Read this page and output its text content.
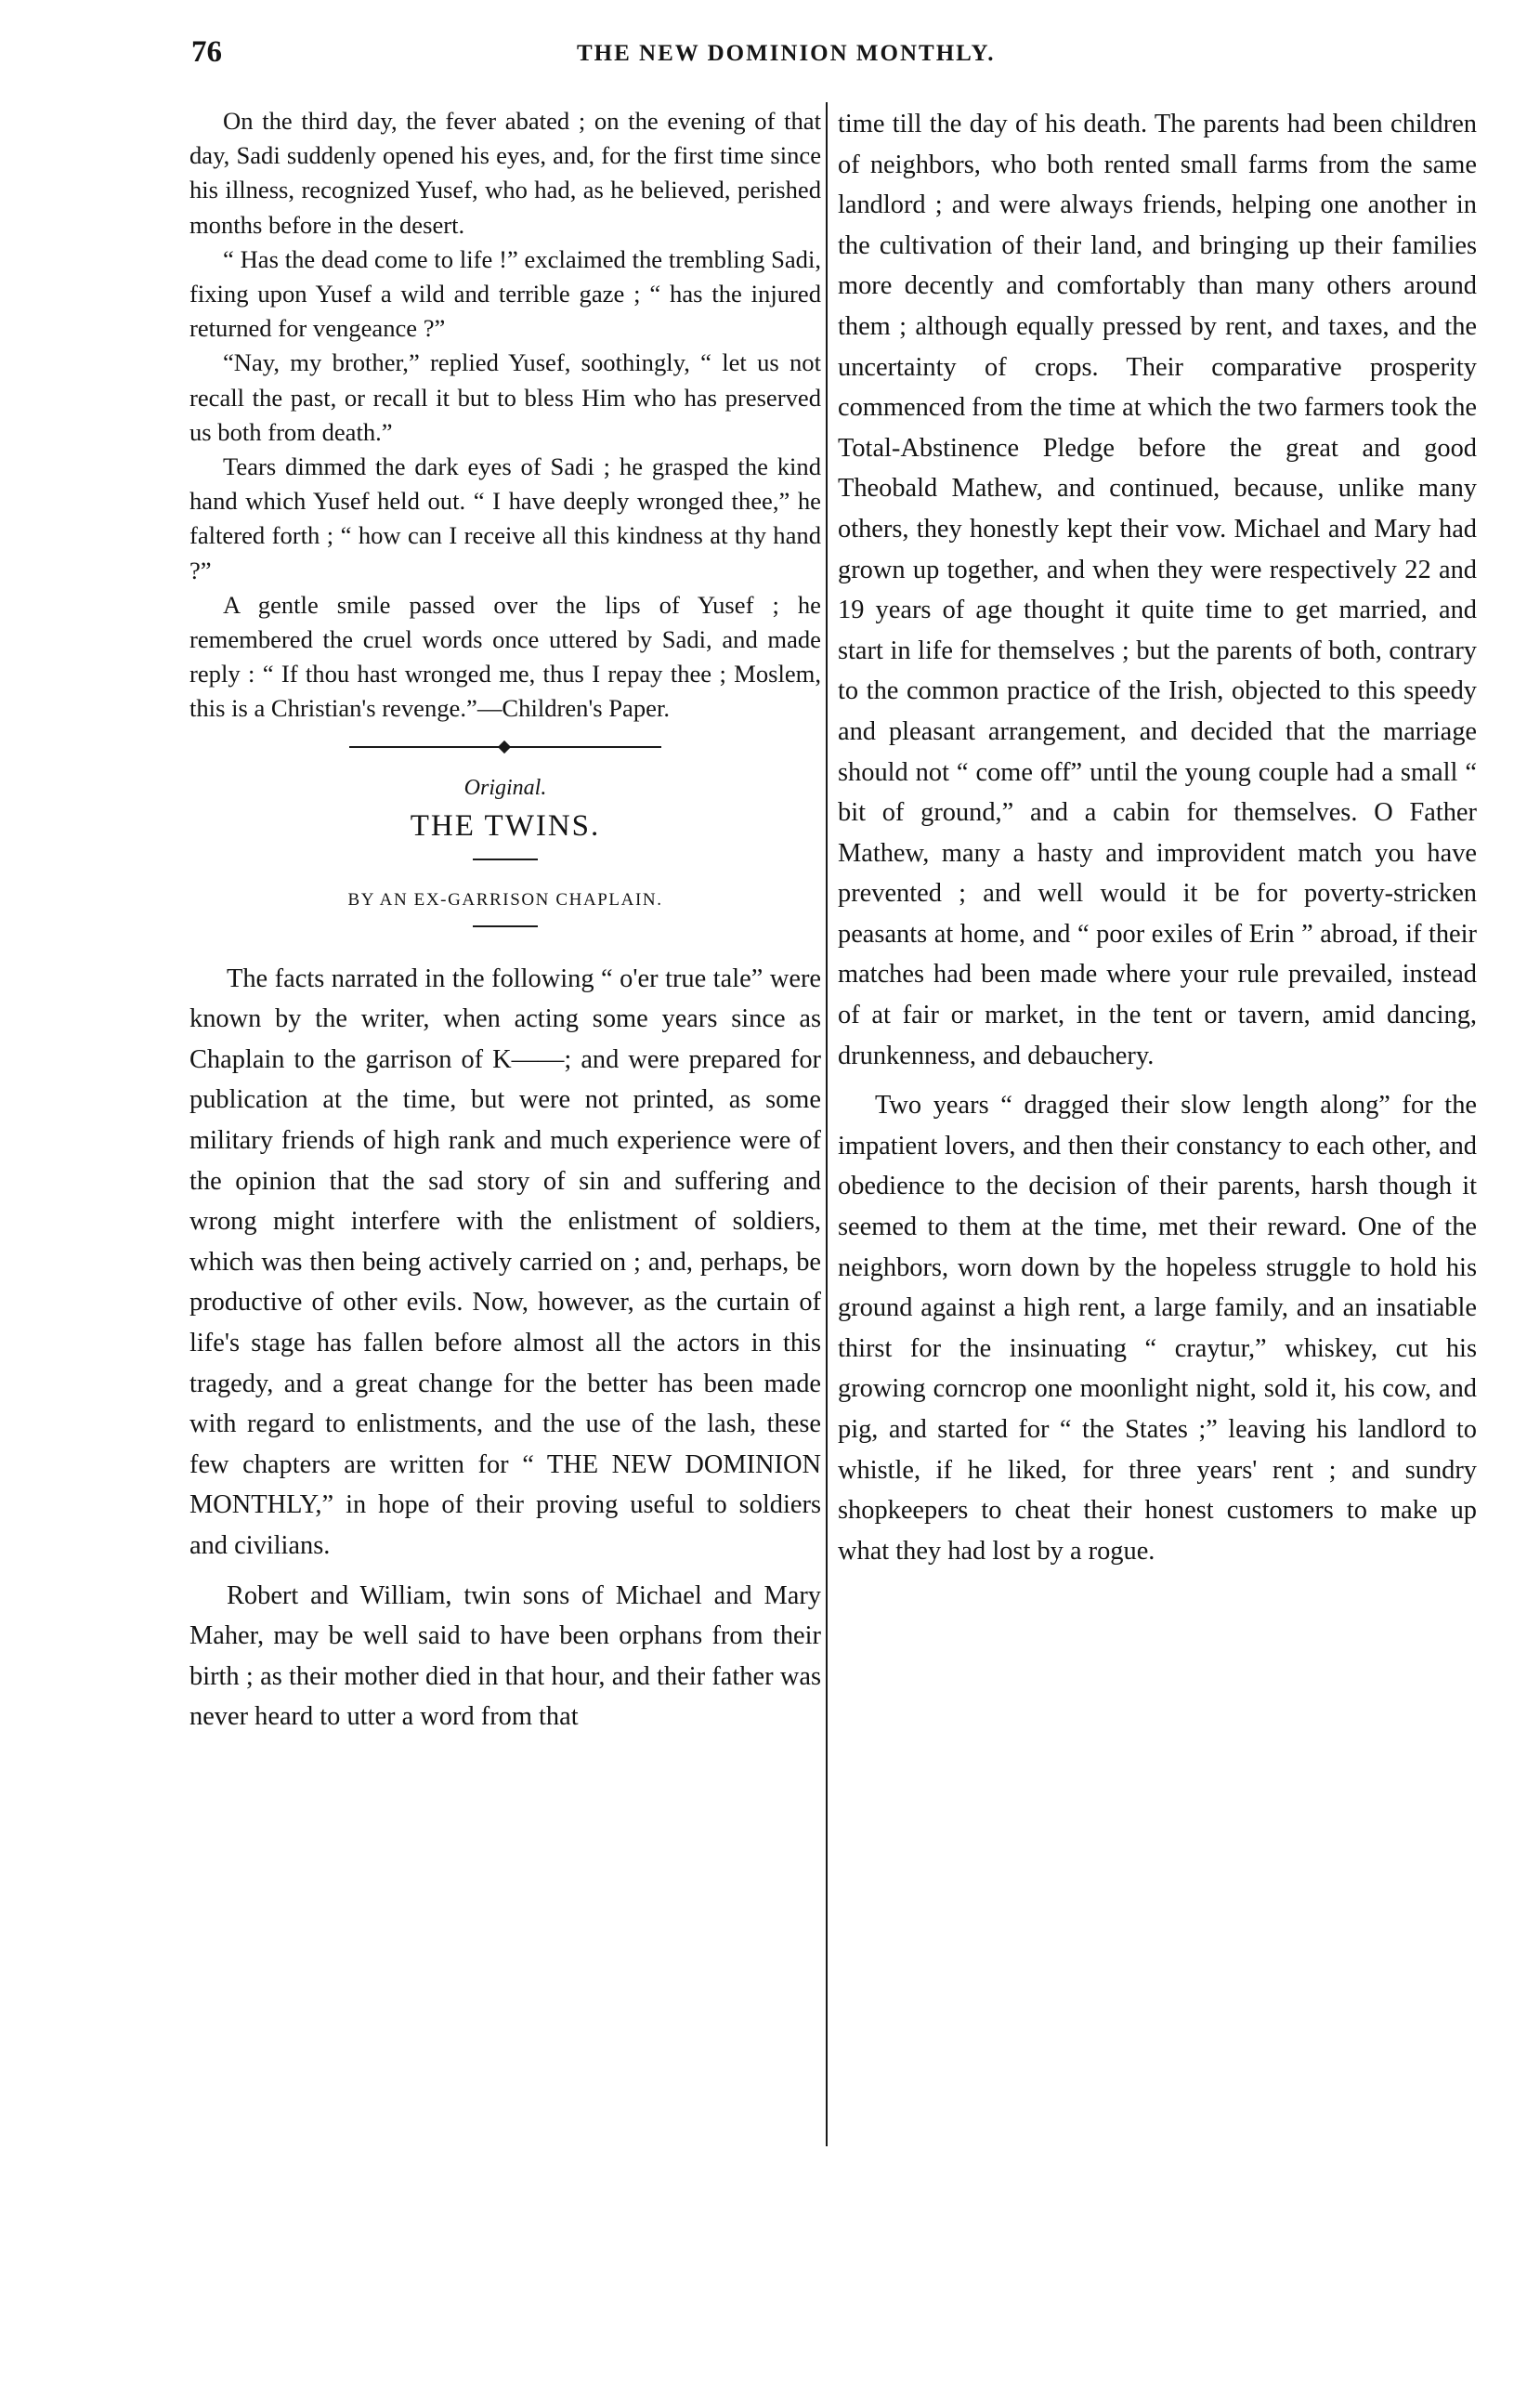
76	THE NEW DOMINION MONTHLY.

On the third day, the fever abated ; on the evening of that day, Sadi suddenly opened his eyes, and, for the first time since his illness, recognized Yusef, who had, as he believed, perished months before in the desert.

“ Has the dead come to life !” exclaimed the trembling Sadi, fixing upon Yusef a wild and terrible gaze ; “ has the injured returned for vengeance ?”

“Nay, my brother,” replied Yusef, soothingly, “ let us not recall the past, or recall it but to bless Him who has preserved us both from death.”

Tears dimmed the dark eyes of Sadi ; he grasped the kind hand which Yusef held out. “ I have deeply wronged thee,” he faltered forth ; “ how can I receive all this kindness at thy hand ?”

A gentle smile passed over the lips of Yusef ; he remembered the cruel words once uttered by Sadi, and made reply : “ If thou hast wronged me, thus I repay thee ; Moslem, this is a Christian's revenge.”—Children's Paper.

Original.
THE TWINS.
BY AN EX-GARRISON CHAPLAIN.

The facts narrated in the following “ o'er true tale” were known by the writer, when acting some years since as Chaplain to the garrison of K——; and were prepared for publication at the time, but were not printed, as some military friends of high rank and much experience were of the opinion that the sad story of sin and suffering and wrong might interfere with the enlistment of soldiers, which was then being actively carried on ; and, perhaps, be productive of other evils. Now, however, as the curtain of life's stage has fallen before almost all the actors in this tragedy, and a great change for the better has been made with regard to enlistments, and the use of the lash, these few chapters are written for “ THE NEW DOMINION MONTHLY,” in hope of their proving useful to soldiers and civilians.

Robert and William, twin sons of Michael and Mary Maher, may be well said to have been orphans from their birth ; as their mother died in that hour, and their father was never heard to utter a word from that

time till the day of his death. The parents had been children of neighbors, who both rented small farms from the same landlord ; and were always friends, helping one another in the cultivation of their land, and bringing up their families more decently and comfortably than many others around them ; although equally pressed by rent, and taxes, and the uncertainty of crops. Their comparative prosperity commenced from the time at which the two farmers took the Total-Abstinence Pledge before the great and good Theobald Mathew, and continued, because, unlike many others, they honestly kept their vow. Michael and Mary had grown up together, and when they were respectively 22 and 19 years of age thought it quite time to get married, and start in life for themselves ; but the parents of both, contrary to the common practice of the Irish, objected to this speedy and pleasant arrangement, and decided that the marriage should not “ come off” until the young couple had a small “ bit of ground,” and a cabin for themselves. O Father Mathew, many a hasty and improvident match you have prevented ; and well would it be for poverty-stricken peasants at home, and “ poor exiles of Erin ” abroad, if their matches had been made where your rule prevailed, instead of at fair or market, in the tent or tavern, amid dancing, drunkenness, and debauchery.

Two years “ dragged their slow length along” for the impatient lovers, and then their constancy to each other, and obedience to the decision of their parents, harsh though it seemed to them at the time, met their reward. One of the neighbors, worn down by the hopeless struggle to hold his ground against a high rent, a large family, and an insatiable thirst for the insinuating “ craytur,” whiskey, cut his growing corncrop one moonlight night, sold it, his cow, and pig, and started for “ the States ;” leaving his landlord to whistle, if he liked, for three years' rent ; and sundry shopkeepers to cheat their honest customers to make up what they had lost by a rogue.
